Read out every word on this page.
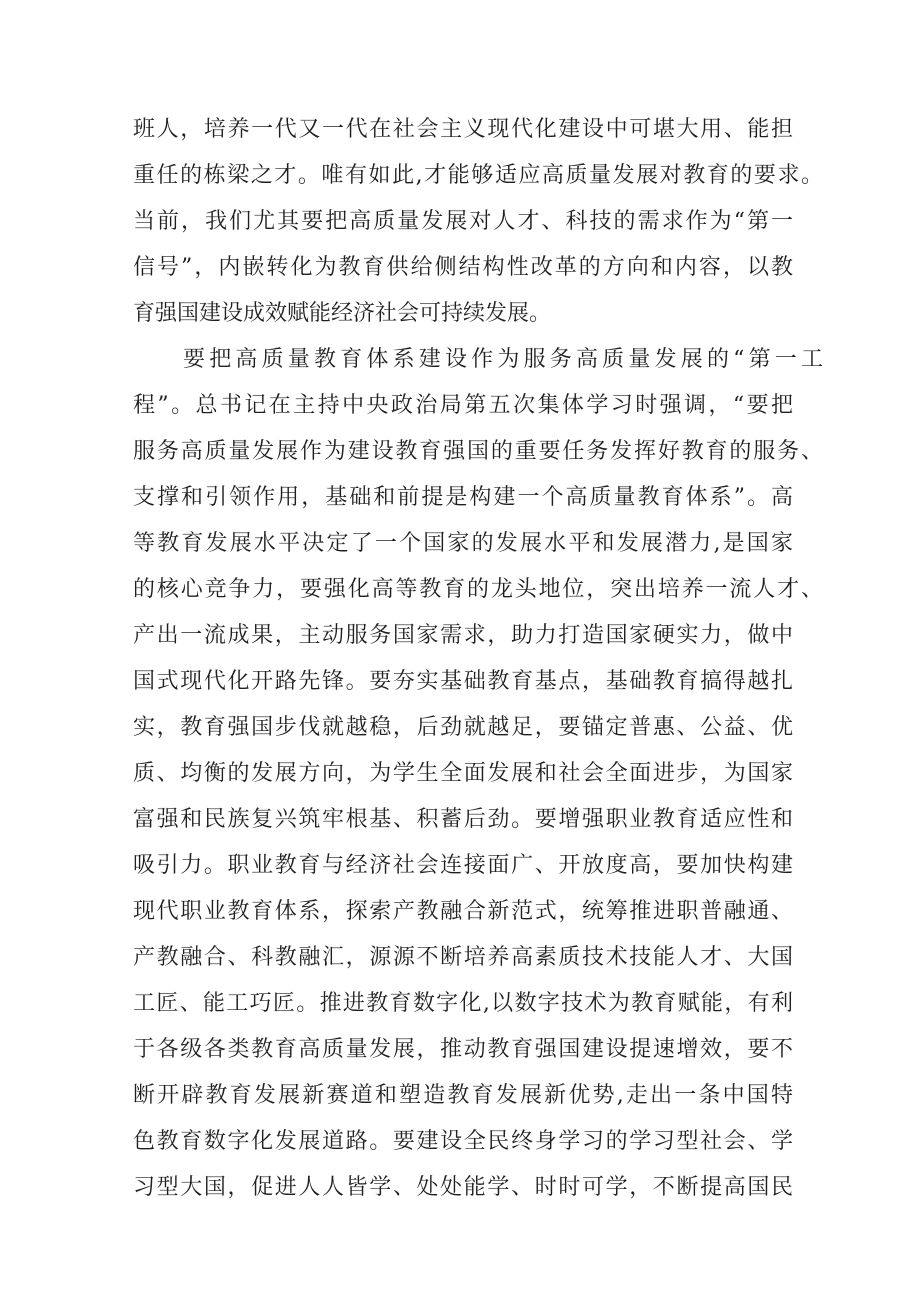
班人，培养一代又一代在社会主义现代化建设中可堪大用、能担
重任的栋梁之才。唯有如此,才能够适应高质量发展对教育的要求。
当前，我们尤其要把高质量发展对人才、科技的需求作为“第一
信号”，内嵌转化为教育供给侧结构性改革的方向和内容，以教
育强国建设成效赋能经济社会可持续发展。
要把高质量教育体系建设作为服务高质量发展的“第一工
程”。总书记在主持中央政治局第五次集体学习时强调，“要把
服务高质量发展作为建设教育强国的重要任务发挥好教育的服务、
支撑和引领作用，基础和前提是构建一个高质量教育体系”。高
等教育发展水平决定了一个国家的发展水平和发展潜力,是国家
的核心竞争力，要强化高等教育的龙头地位，突出培养一流人才、
产出一流成果，主动服务国家需求，助力打造国家硬实力，做中
国式现代化开路先锋。要夯实基础教育基点，基础教育搞得越扎
实，教育强国步伐就越稳，后劲就越足，要锚定普惠、公益、优
质、均衡的发展方向，为学生全面发展和社会全面进步，为国家
富强和民族复兴筑牢根基、积蓄后劲。要增强职业教育适应性和
吸引力。职业教育与经济社会连接面广、开放度高，要加快构建
现代职业教育体系，探索产教融合新范式，统筹推进职普融通、
产教融合、科教融汇，源源不断培养高素质技术技能人才、大国
工匠、能工巧匠。推进教育数字化,以数字技术为教育赋能，有利
于各级各类教育高质量发展，推动教育强国建设提速增效，要不
断开辟教育发展新赛道和塑造教育发展新优势,走出一条中国特
色教育数字化发展道路。要建设全民终身学习的学习型社会、学
习型大国，促进人人皆学、处处能学、时时可学，不断提高国民
